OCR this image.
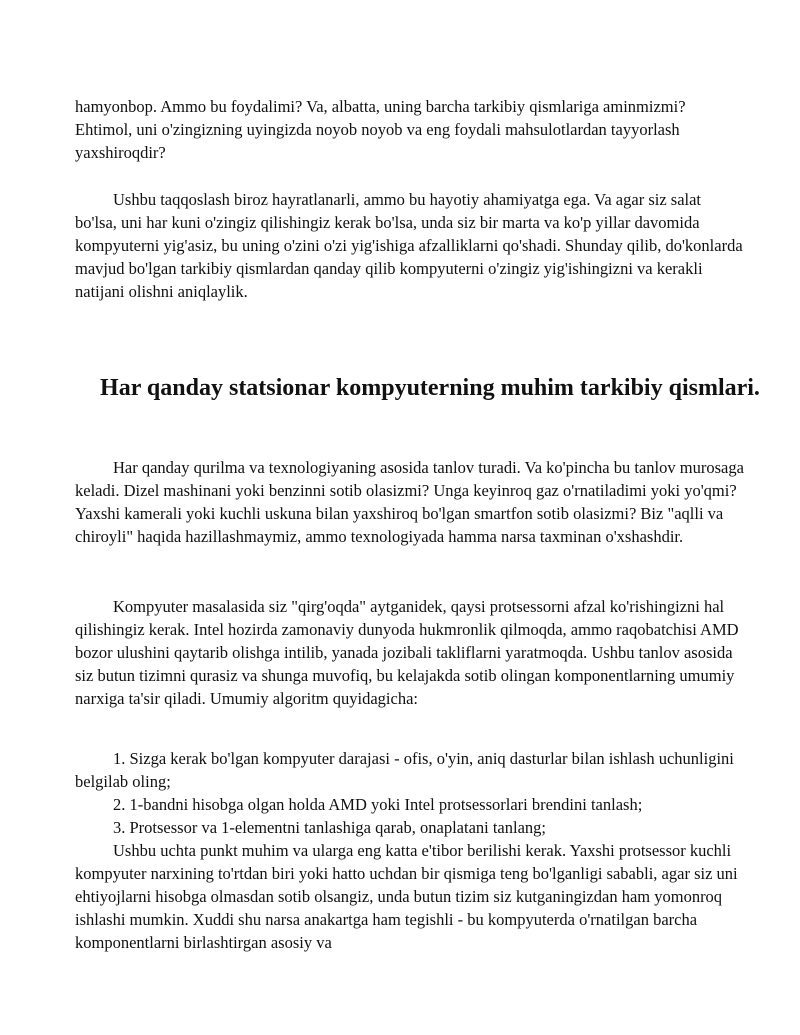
hamyonbop. Ammo bu foydalimi? Va, albatta, uning barcha tarkibiy qismlariga aminmizmi? Ehtimol, uni o'zingizning uyingizda noyob noyob va eng foydali mahsulotlardan tayyorlash yaxshiroqdir?

Ushbu taqqoslash biroz hayratlanarli, ammo bu hayotiy ahamiyatga ega. Va agar siz salat bo'lsa, uni har kuni o'zingiz qilishingiz kerak bo'lsa, unda siz bir marta va ko'p yillar davomida kompyuterni yig'asiz, bu uning o'zini o'zi yig'ishiga afzalliklarni qo'shadi. Shunday qilib, do'konlarda mavjud bo'lgan tarkibiy qismlardan qanday qilib kompyuterni o'zingiz yig'ishingizni va kerakli natijani olishni aniqlaylik.

Har qanday statsionar kompyuterning muhim tarkibiy qismlari.

Har qanday qurilma va texnologiyaning asosida tanlov turadi. Va ko'pincha bu tanlov murosaga keladi. Dizel mashinani yoki benzinni sotib olasizmi? Unga keyinroq gaz o'rnatiladimi yoki yo'qmi? Yaxshi kamerali yoki kuchli uskuna bilan yaxshiroq bo'lgan smartfon sotib olasizmi? Biz "aqlli va chiroyli" haqida hazillashmaymiz, ammo texnologiyada hamma narsa taxminan o'xshashdir.

Kompyuter masalasida siz "qirg'oqda" aytganidek, qaysi protsessorni afzal ko'rishingizni hal qilishingiz kerak. Intel hozirda zamonaviy dunyoda hukmronlik qilmoqda, ammo raqobatchisi AMD bozor ulushini qaytarib olishga intilib, yanada jozibali takliflarni yaratmoqda. Ushbu tanlov asosida siz butun tizimni qurasiz va shunga muvofiq, bu kelajakda sotib olingan komponentlarning umumiy narxiga ta'sir qiladi. Umumiy algoritm quyidagicha:

1. Sizga kerak bo'lgan kompyuter darajasi - ofis, o'yin, aniq dasturlar bilan ishlash uchunligini belgilab oling;
2. 1-bandni hisobga olgan holda AMD yoki Intel protsessorlari brendini tanlash;
3. Protsessor va 1-elementni tanlashiga qarab, onaplatani tanlang;
Ushbu uchta punkt muhim va ularga eng katta e'tibor berilishi kerak. Yaxshi protsessor kuchli kompyuter narxining to'rtdan biri yoki hatto uchdan bir qismiga teng bo'lganligi sababli, agar siz uni ehtiyojlarni hisobga olmasdan sotib olsangiz, unda butun tizim siz kutganingizdan ham yomonroq ishlashi mumkin. Xuddi shu narsa anakartga ham tegishli - bu kompyuterda o'rnatilgan barcha komponentlarni birlashtirgan asosiy va
